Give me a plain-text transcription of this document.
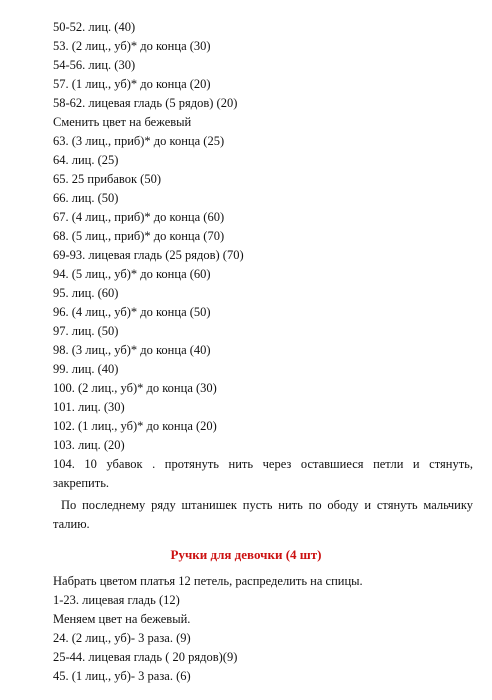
50-52. лиц. (40)

53. (2 лиц., уб)* до конца (30)

54-56. лиц. (30)

57. (1 лиц., уб)* до конца (20)

58-62. лицевая гладь (5 рядов) (20)

Сменить цвет на бежевый

63. (3 лиц., приб)* до конца (25)

64. лиц. (25)

65. 25 прибавок (50)

66. лиц. (50)

67. (4 лиц., приб)* до конца (60)

68. (5 лиц., приб)* до конца (70)

69-93. лицевая гладь (25 рядов) (70)

94. (5 лиц., уб)* до конца (60)

95. лиц. (60)

96. (4 лиц., уб)* до конца (50)

97. лиц. (50)

98. (3 лиц., уб)* до конца (40)

99. лиц. (40)

100. (2 лиц., уб)* до конца (30)

101. лиц. (30)

102. (1 лиц., уб)* до конца (20)

103. лиц. (20)

104. 10 убавок . протянуть нить через оставшиеся петли и стянуть,

закрепить.

По последнему ряду штанишек пусть нить по ободу и стянуть мальчику

талию.

Ручки для девочки (4 шт)

Набрать цветом платья 12 петель, распределить на спицы.

1-23. лицевая гладь (12)

Меняем цвет на бежевый.

24. (2 лиц., уб)- 3 раза. (9)

25-44. лицевая гладь ( 20 рядов)(9)

45. (1 лиц., уб)- 3 раза. (6)
